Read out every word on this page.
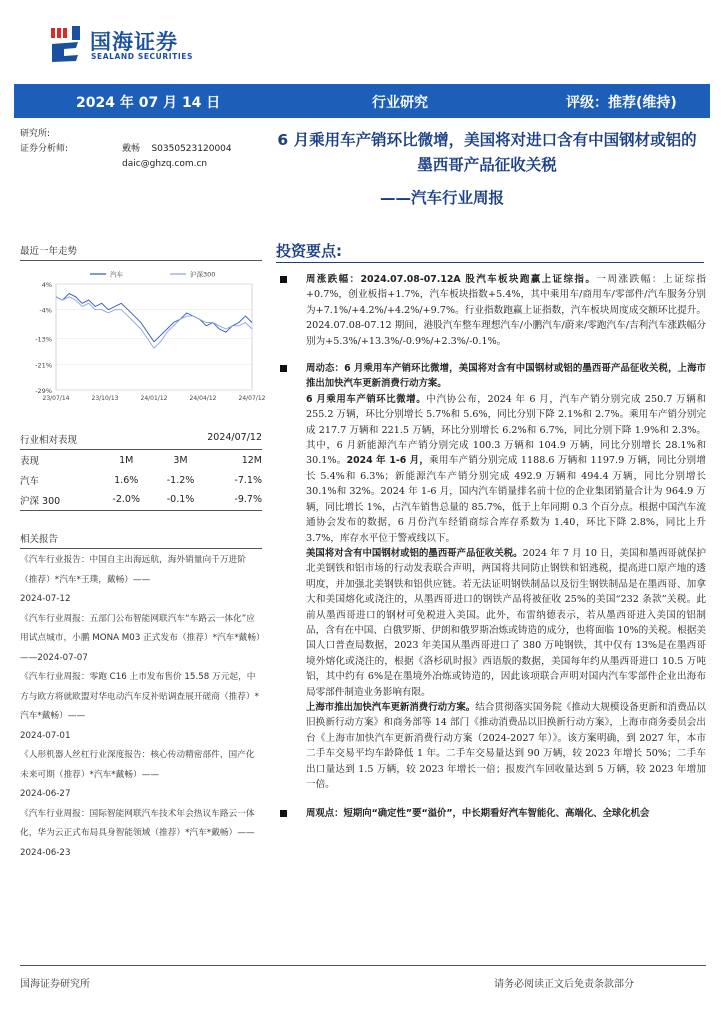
国海证券
SEALAND SECURITIES
2024 年 07 月 14 日	行业研究	评级：推荐(维持)
研究所:
证券分析师:	戴畅 S0350523120004
daic@ghzq.com.cn
6 月乘用车产销环比微增，美国将对进口含有中国钢材或铝的墨西哥产品征收关税
——汽车行业周报
最近一年走势
4%
-4%
-13%
-21%
-29%
23/07/14	23/10/13	24/01/12	24/04/12	24/07/12
汽车	沪深300
行业相对表现	2024/07/12
表现	1M	3M	12M
汽车	1.6%	-1.2%	-7.1%
沪深 300	-2.0%	-0.1%	-9.7%
相关报告

《汽车行业报告：中国自主出海远航，海外销量向千万进阶（推荐）*汽车*王璞，戴畅）——
2024-07-12

《汽车行业周报：五部门公布智能网联汽车“车路云一体化”应用试点城市，小鹏 MONA M03 正式发布（推荐）*汽车*戴畅）——2024-07-07

《汽车行业周报：零跑 C16 上市发布售价 15.58 万元起，中方与欧方将就欧盟对华电动汽车反补贴调查展开磋商（推荐）*汽车*戴畅）——
2024-07-01

《人形机器人丝杠行业深度报告：核心传动精密部件，国产化未来可期（推荐）*汽车*戴畅）——
2024-06-27

《汽车行业周报：国际智能网联汽车技术年会热议车路云一体化，华为云正式布局具身智能领域（推荐）*汽车*戴畅）——2024-06-23

投资要点:

周涨跌幅：2024.07.08-07.12A 股汽车板块跑赢上证综指。一周涨跌幅：上证综指+0.7%，创业板指+1.7%，汽车板块指数+5.4%，其中乘用车/商用车/零部件/汽车服务分别为+7.1%/+4.2%/+4.2%/+9.7%。行业指数跑赢上证指数，汽车板块周度成交额环比提升。2024.07.08-07.12 期间，港股汽车整车理想汽车/小鹏汽车/蔚来/零跑汽车/吉利汽车涨跌幅分别为+5.3%/+13.3%/-0.9%/+2.3%/-0.1%。

周动态：6 月乘用车产销环比微增，美国将对含有中国钢材或铝的墨西哥产品征收关税，上海市推出加快汽车更新消费行动方案。

6 月乘用车产销环比微增。中汽协公布，2024 年 6 月，汽车产销分别完成 250.7 万辆和 255.2 万辆，环比分别增长 5.7%和 5.6%，同比分别下降 2.1%和 2.7%。乘用车产销分别完成 217.7 万辆和 221.5 万辆，环比分别增长 6.2%和 6.7%，同比分别下降 1.9%和 2.3%。其中，6 月新能源汽车产销分别完成 100.3 万辆和 104.9 万辆，同比分别增长 28.1%和 30.1%。2024 年 1-6 月，乘用车产销分别完成 1188.6 万辆和 1197.9 万辆，同比分别增长 5.4%和 6.3%；新能源汽车产销分别完成 492.9 万辆和 494.4 万辆，同比分别增长 30.1%和 32%。2024 年 1-6 月，国内汽车销量排名前十位的企业集团销量合计为 964.9 万辆，同比增长 1%，占汽车销售总量的 85.7%，低于上年同期 0.3 个百分点。根据中国汽车流通协会发布的数据，6 月份汽车经销商综合库存系数为 1.40，环比下降 2.8%，同比上升 3.7%，库存水平位于警戒线以下。

美国将对含有中国钢材或铝的墨西哥产品征收关税。2024 年 7 月 10 日，美国和墨西哥就保护北美钢铁和铝市场的行动发表联合声明，两国将共同防止钢铁和铝逃税，提高进口原产地的透明度，并加强北美钢铁和铝供应链。若无法证明钢铁制品以及衍生钢铁制品是在墨西哥、加拿大和美国熔化或浇注的，从墨西哥进口的钢铁产品将被征收 25%的美国“232 条款”关税。此前从墨西哥进口的钢材可免税进入美国。此外，布雷纳德表示，若从墨西哥进入美国的铝制品，含有在中国、白俄罗斯、伊朗和俄罗斯冶炼或铸造的成分，也将面临 10%的关税。根据美国人口普查局数据，2023 年美国从墨西哥进口了 380 万吨钢铁，其中仅有 13%是在墨西哥境外熔化或浇注的，根据《洛杉矶时报》西语版的数据，美国每年约从墨西哥进口 10.5 万吨铝，其中约有 6%是在墨境外冶炼或铸造的，因此该项联合声明对国内汽车零部件企业出海布局零部件制造业务影响有限。

上海市推出加快汽车更新消费行动方案。结合贯彻落实国务院《推动大规模设备更新和消费品以旧换新行动方案》和商务部等 14 部门《推动消费品以旧换新行动方案》，上海市商务委员会出台《上海市加快汽车更新消费行动方案（2024-2027 年）》。该方案明确，到 2027 年，本市二手车交易平均车龄降低 1 年。二手车交易量达到 90 万辆，较 2023 年增长 50%；二手车出口量达到 1.5 万辆，较 2023 年增长一倍；报废汽车回收量达到 5 万辆，较 2023 年增加一倍。

周观点：短期向“确定性”要“溢价”，中长期看好汽车智能化、高端化、全球化机会

国海证券研究所	请务必阅读正文后免责条款部分
